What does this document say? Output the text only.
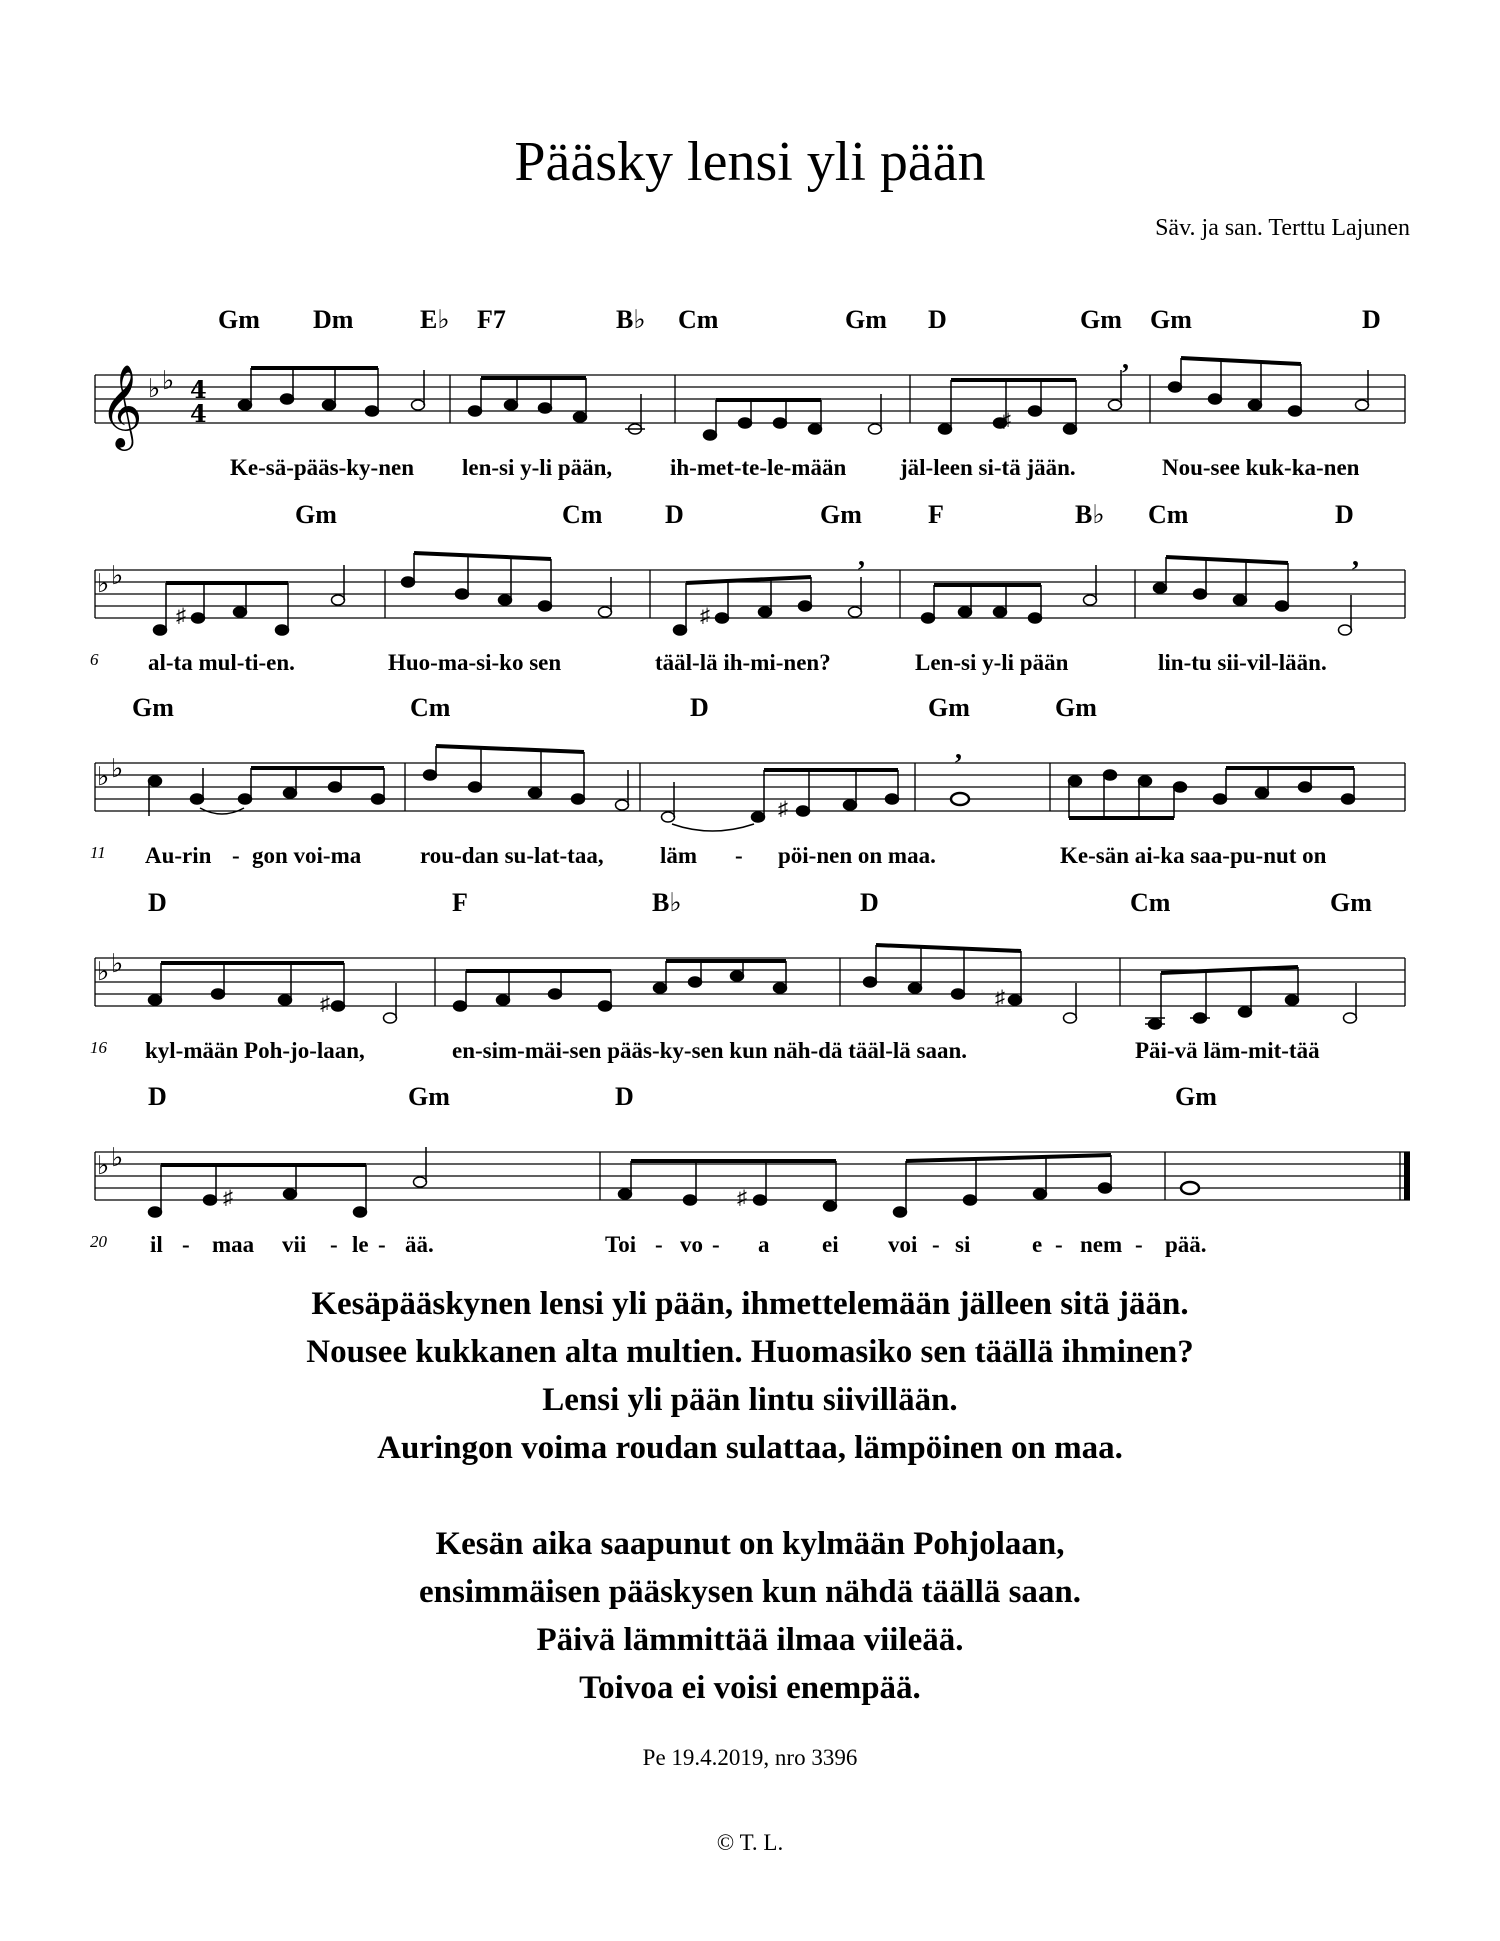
Pääsky lensi yli pään
Säv. ja san. Terttu Lajunen
Gm Dm	E♭ F7	B♭ Cm	Gm D	Gm Gm	D
𝄞 ♭ ♭ 4
4	♯
,
Ke-sä-pääs-ky-nen len-si y-li pään,	ih-met-te-le-mään jäl-leen si-tä jään.	Nou-see kuk-ka-nen
Gm	Cm D	Gm	F	B♭ Cm	D
♭ ♭
♯	♯
,	,
6 al-ta mul-ti-en.	Huo-ma-si-ko sen	tääl-lä ih-mi-nen?	Len-si y-li pään	lin-tu sii-vil-lään.
Gm	Cm	D	Gm	Gm
♭ ♭
♯
,
11 Au-rin - gon voi-ma	rou-dan su-lat-taa, läm - pöi-nen on maa.	Ke-sän ai-ka saa-pu-nut on
D	F	B♭	D	Cm	Gm
♭ ♭
♯	♯
16 kyl-mään Poh-jo-laan,	en-sim-mäi-sen pääs-ky-sen kun näh-dä tääl-lä saan.	Päi-vä läm-mit-tää
D	Gm	D	Gm
♭ ♭
♯	♯
20 il - maa vii - le - ää.	Toi - vo - a ei voi - si	e - nem - pää.
Kesäpääskynen lensi yli pään, ihmettelemään jälleen sitä jään.
Nousee kukkanen alta multien. Huomasiko sen täällä ihminen?
Lensi yli pään lintu siivillään.
Auringon voima roudan sulattaa, lämpöinen on maa.
Kesän aika saapunut on kylmään Pohjolaan,
ensimmäisen pääskysen kun nähdä täällä saan.
Päivä lämmittää ilmaa viileää.
Toivoa ei voisi enempää.
Pe 19.4.2019, nro 3396
© T. L.
